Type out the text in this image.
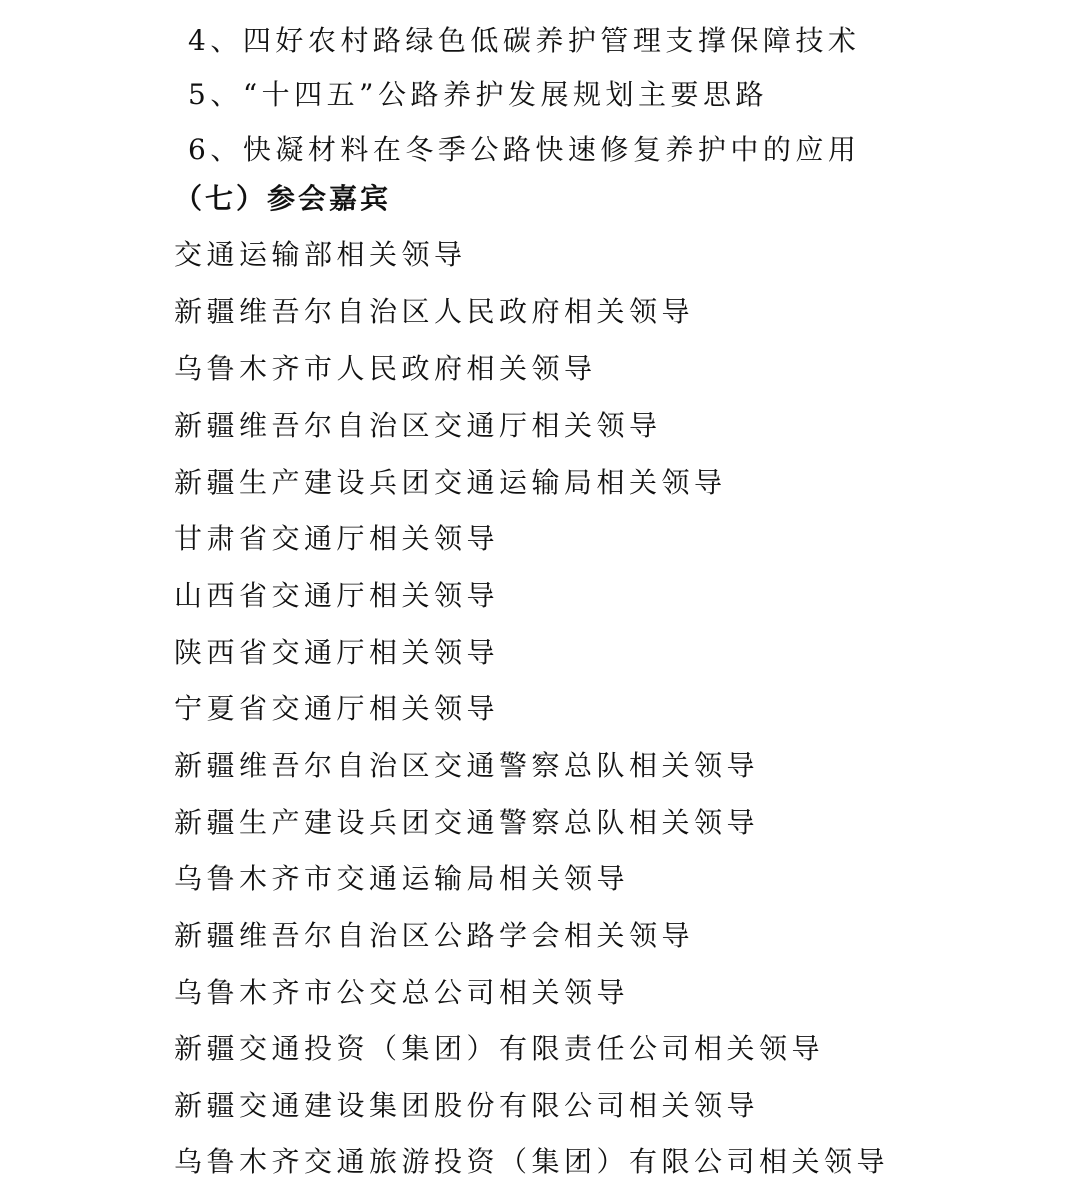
4、四好农村路绿色低碳养护管理支撑保障技术
5、“十四五”公路养护发展规划主要思路
6、快凝材料在冬季公路快速修复养护中的应用
（七）参会嘉宾
交通运输部相关领导
新疆维吾尔自治区人民政府相关领导
乌鲁木齐市人民政府相关领导
新疆维吾尔自治区交通厅相关领导
新疆生产建设兵团交通运输局相关领导
甘肃省交通厅相关领导
山西省交通厅相关领导
陕西省交通厅相关领导
宁夏省交通厅相关领导
新疆维吾尔自治区交通警察总队相关领导
新疆生产建设兵团交通警察总队相关领导
乌鲁木齐市交通运输局相关领导
新疆维吾尔自治区公路学会相关领导
乌鲁木齐市公交总公司相关领导
新疆交通投资（集团）有限责任公司相关领导
新疆交通建设集团股份有限公司相关领导
乌鲁木齐交通旅游投资（集团）有限公司相关领导
